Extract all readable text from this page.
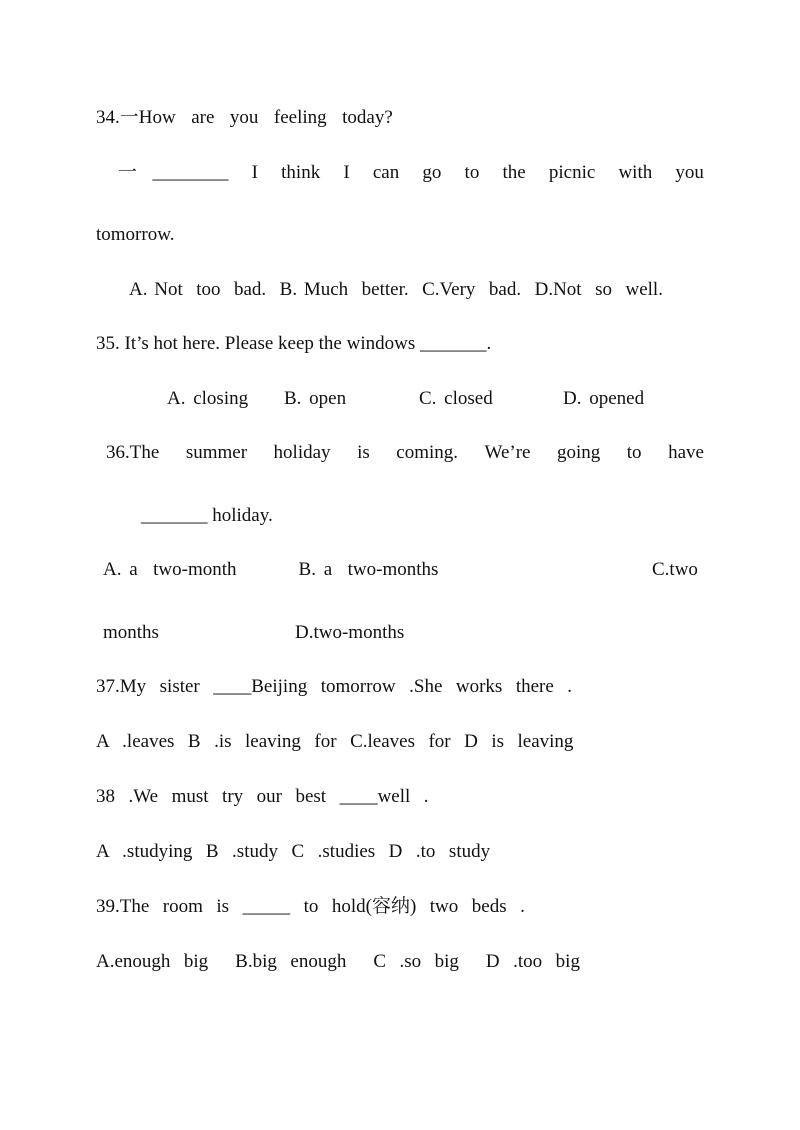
34.一How  are  you  feeling  today?
一  ________ I think I can go to the picnic with you
tomorrow.
A. Not  too  bad.  B. Much  better.  C.Very  bad.  D.Not  so  well.
35. It’s hot here. Please keep the windows _______.
A. closing B. open	C. closed	D. opened
36.The summer holiday is coming. We’re going to have
_______ holiday.
A. a  two-month        B. a  two-months	C.two
months	D.two-months
37.My  sister  ____Beijing  tomorrow  .She  works  there  .
A  .leaves  B  .is  leaving  for  C.leaves  for  D  is  leaving
38  .We  must  try  our  best  ____well  .
A  .studying  B  .study  C  .studies  D  .to  study
39.The  room  is  _____  to  hold(容纳)  two  beds  .
A.enough  big    B.big  enough    C  .so  big    D  .too  big
